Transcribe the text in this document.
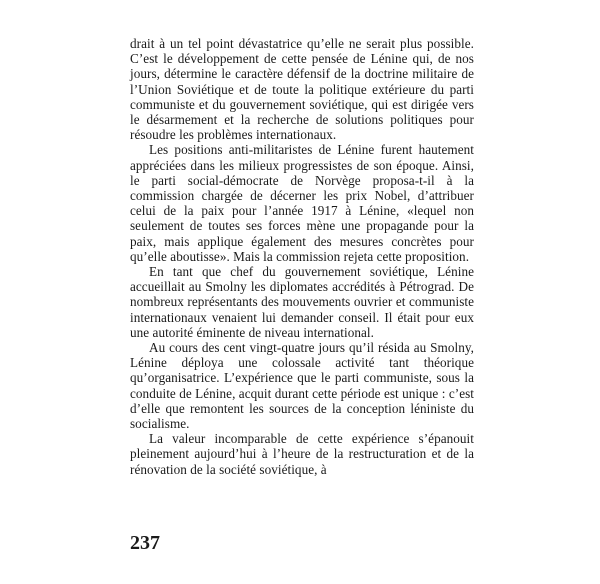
drait à un tel point dévastatrice qu’elle ne serait plus possible. C’est le développement de cette pensée de Lénine qui, de nos jours, détermine le caractère défensif de la doctrine militaire de l’Union Soviétique et de toute la politique extérieure du parti communiste et du gouvernement soviétique, qui est dirigée vers le désarmement et la recherche de solutions politiques pour résoudre les problèmes internationaux.

Les positions anti-militaristes de Lénine furent hautement appréciées dans les milieux progressistes de son époque. Ainsi, le parti social-démocrate de Norvège proposa-t-il à la commission chargée de décerner les prix Nobel, d’attribuer celui de la paix pour l’année 1917 à Lénine, «lequel non seulement de toutes ses forces mène une propagande pour la paix, mais applique également des mesures concrètes pour qu’elle aboutisse». Mais la commission rejeta cette proposition.

En tant que chef du gouvernement soviétique, Lénine accueillait au Smolny les diplomates accrédités à Pétrograd. De nombreux représentants des mouvements ouvrier et communiste internationaux venaient lui demander conseil. Il était pour eux une autorité éminente de niveau international.

Au cours des cent vingt-quatre jours qu’il résida au Smolny, Lénine déploya une colossale activité tant théorique qu’organisatrice. L’expérience que le parti communiste, sous la conduite de Lénine, acquit durant cette période est unique : c’est d’elle que remontent les sources de la conception léniniste du socialisme.

La valeur incomparable de cette expérience s’épanouit pleinement aujourd’hui à l’heure de la restructuration et de la rénovation de la société soviétique, à

237
